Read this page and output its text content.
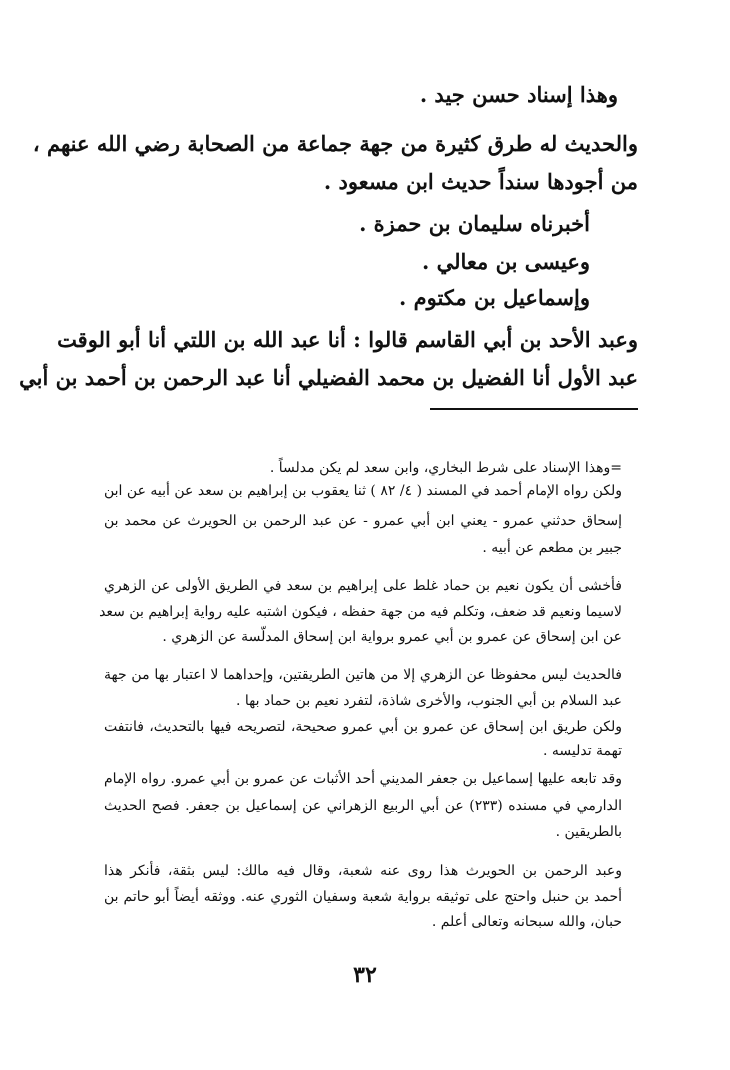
وهذا إسناد حسن جيد .
والحديث له طرق كثيرة من جهة جماعة من الصحابة رضي الله عنهم ،
من أجودها سنداً حديث ابن مسعود .
أخبرناه سليمان بن حمزة .
وعيسى بن معالي .
وإسماعيل بن مكتوم .
وعبد الأحد بن أبي القاسم قالوا : أنا عبد الله بن اللتي أنا أبو الوقت
عبد الأول أنا الفضيل بن محمد الفضيلي أنا عبد الرحمن بن أحمد بن أبي
=وهذا الإسناد على شرط البخاري، وابن سعد لم يكن مدلساً .
ولكن رواه الإمام أحمد في المسند ( ٤/ ٨٢ ) ثنا يعقوب بن إبراهيم بن سعد عن أبيه عن ابن
إسحاق حدثني عمرو - يعني ابن أبي عمرو - عن عبد الرحمن بن الحويرث عن محمد بن
جبير بن مطعم عن أبيه .
فأخشى أن يكون نعيم بن حماد غلط على إبراهيم بن سعد في الطريق الأولى عن الزهري
لاسيما ونعيم قد ضعف، وتكلم فيه من جهة حفظه ، فيكون اشتبه عليه رواية إبراهيم بن سعد
عن ابن إسحاق عن عمرو بن أبي عمرو برواية ابن إسحاق المدلّسة عن الزهري .
فالحديث ليس محفوظا عن الزهري إلا من هاتين الطريقتين، وإحداهما لا اعتبار بها من جهة
عبد السلام بن أبي الجنوب، والأخرى شاذة، لتفرد نعيم بن حماد بها .
ولكن طريق ابن إسحاق عن عمرو بن أبي عمرو صحيحة، لتصريحه فيها بالتحديث، فانتفت
تهمة تدليسه .
وقد تابعه عليها إسماعيل بن جعفر المديني أحد الأثبات عن عمرو بن أبي عمرو. رواه الإمام
الدارمي في مسنده (٢٣٣) عن أبي الربيع الزهراني عن إسماعيل بن جعفر. فصح الحديث
بالطريقين .
وعبد الرحمن بن الحويرث هذا روى عنه شعبة، وقال فيه مالك: ليس بثقة، فأنكر هذا
أحمد بن حنبل واحتج على توثيقه برواية شعبة وسفيان الثوري عنه. ووثقه أيضاً أبو حاتم بن
حبان، والله سبحانه وتعالى أعلم .
٣٢
